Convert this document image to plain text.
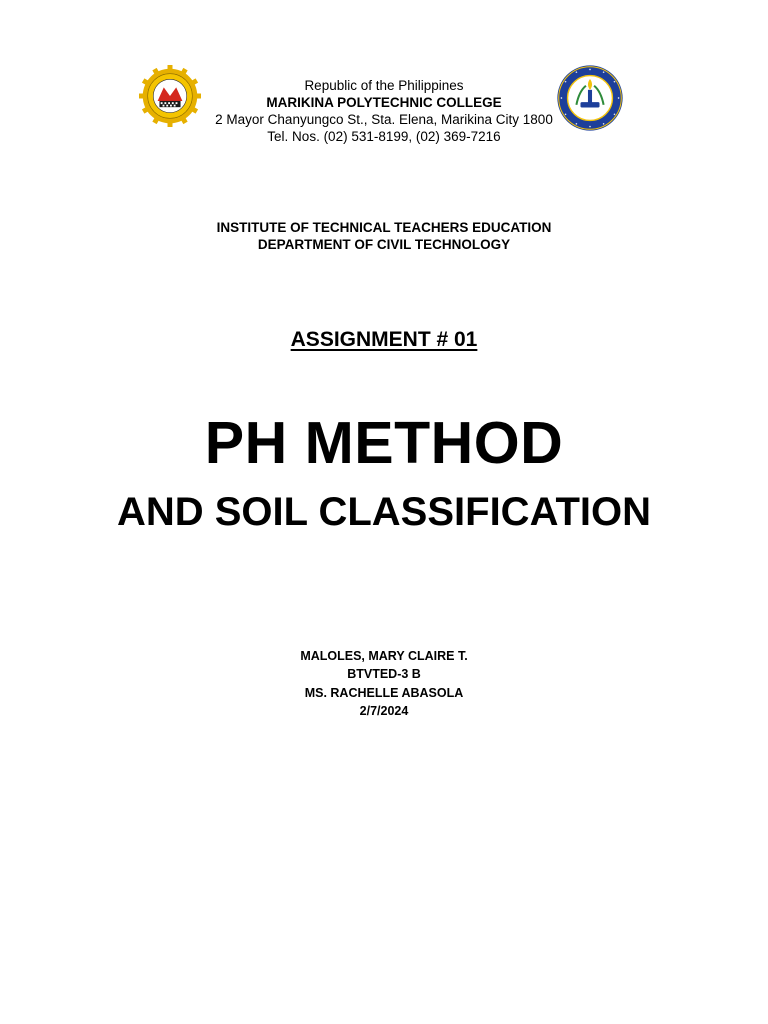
Republic of the Philippines
MARIKINA POLYTECHNIC COLLEGE
2 Mayor Chanyungco St., Sta. Elena, Marikina City 1800
Tel. Nos. (02) 531-8199, (02) 369-7216
INSTITUTE OF TECHNICAL TEACHERS EDUCATION
DEPARTMENT OF CIVIL TECHNOLOGY
ASSIGNMENT # 01
PH METHOD
AND SOIL CLASSIFICATION
MALOLES, MARY CLAIRE T.
BTVTED-3 B
MS. RACHELLE ABASOLA
2/7/2024
